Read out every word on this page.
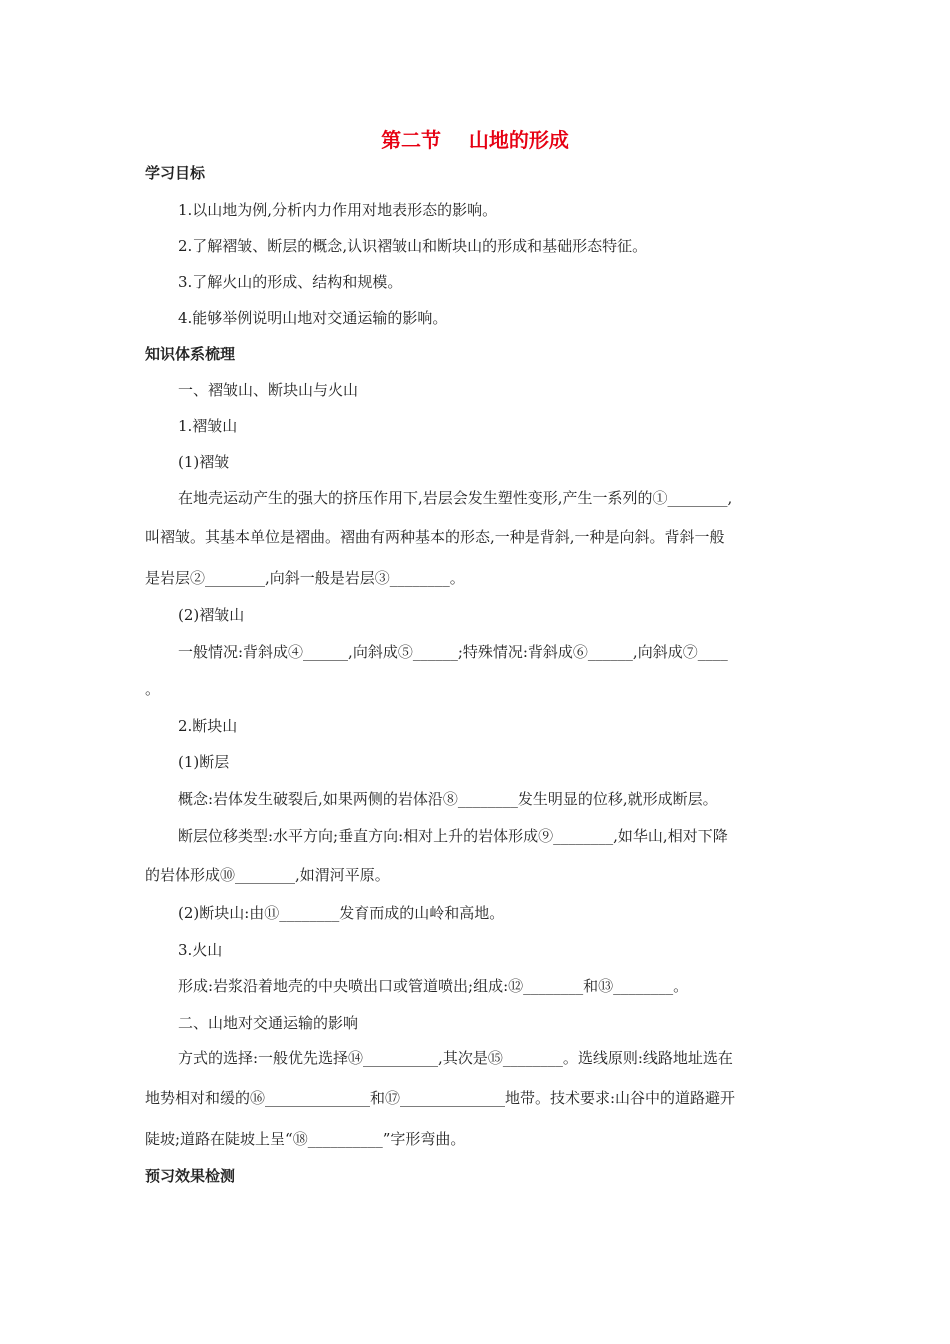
第二节    山地的形成
学习目标
1.以山地为例,分析内力作用对地表形态的影响。
2.了解褶皱、断层的概念,认识褶皱山和断块山的形成和基础形态特征。
3.了解火山的形成、结构和规模。
4.能够举例说明山地对交通运输的影响。
知识体系梳理
一、褶皱山、断块山与火山
1.褶皱山
(1)褶皱
在地壳运动产生的强大的挤压作用下,岩层会发生塑性变形,产生一系列的①________,
叫褶皱。其基本单位是褶曲。褶曲有两种基本的形态,一种是背斜,一种是向斜。背斜一般
是岩层②________,向斜一般是岩层③________。
(2)褶皱山
一般情况:背斜成④______,向斜成⑤______;特殊情况:背斜成⑥______,向斜成⑦____
。
2.断块山
(1)断层
概念:岩体发生破裂后,如果两侧的岩体沿⑧________发生明显的位移,就形成断层。
断层位移类型:水平方向;垂直方向:相对上升的岩体形成⑨________,如华山,相对下降
的岩体形成⑩________,如渭河平原。
(2)断块山:由⑪________发育而成的山岭和高地。
3.火山
形成:岩浆沿着地壳的中央喷出口或管道喷出;组成:⑫________和⑬________。
二、山地对交通运输的影响
方式的选择:一般优先选择⑭__________,其次是⑮________。选线原则:线路地址选在
地势相对和缓的⑯______________和⑰______________地带。技术要求:山谷中的道路避开
陡坡;道路在陡坡上呈“⑱__________”字形弯曲。
预习效果检测
